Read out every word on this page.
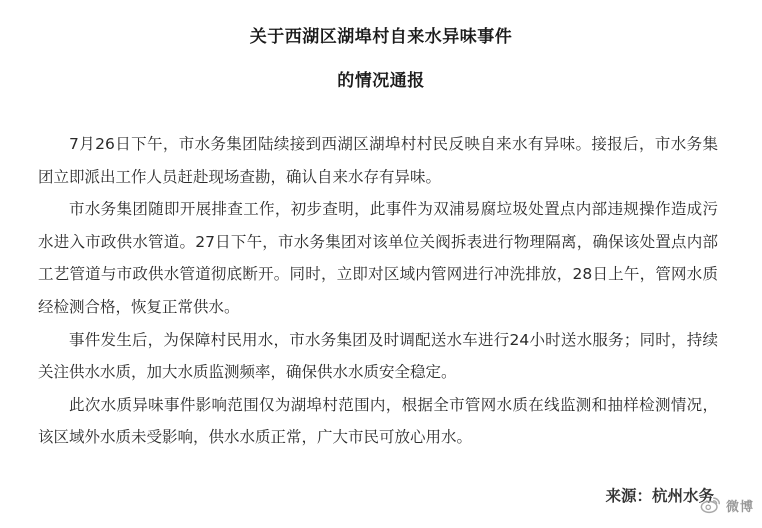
关于西湖区湖埠村自来水异味事件
的情况通报

7月26日下午，市水务集团陆续接到西湖区湖埠村村民反映自来水有异味。接报后，市水务集团立即派出工作人员赶赴现场查勘，确认自来水存有异味。

市水务集团随即开展排查工作，初步查明，此事件为双浦易腐垃圾处置点内部违规操作造成污水进入市政供水管道。27日下午，市水务集团对该单位关阀拆表进行物理隔离，确保该处置点内部工艺管道与市政供水管道彻底断开。同时，立即对区域内管网进行冲洗排放，28日上午，管网水质经检测合格，恢复正常供水。

事件发生后，为保障村民用水，市水务集团及时调配送水车进行24小时送水服务；同时，持续关注供水水质，加大水质监测频率，确保供水水质安全稳定。

此次水质异味事件影响范围仅为湖埠村范围内，根据全市管网水质在线监测和抽样检测情况，该区域外水质未受影响，供水水质正常，广大市民可放心用水。

来源：杭州水务
微博
